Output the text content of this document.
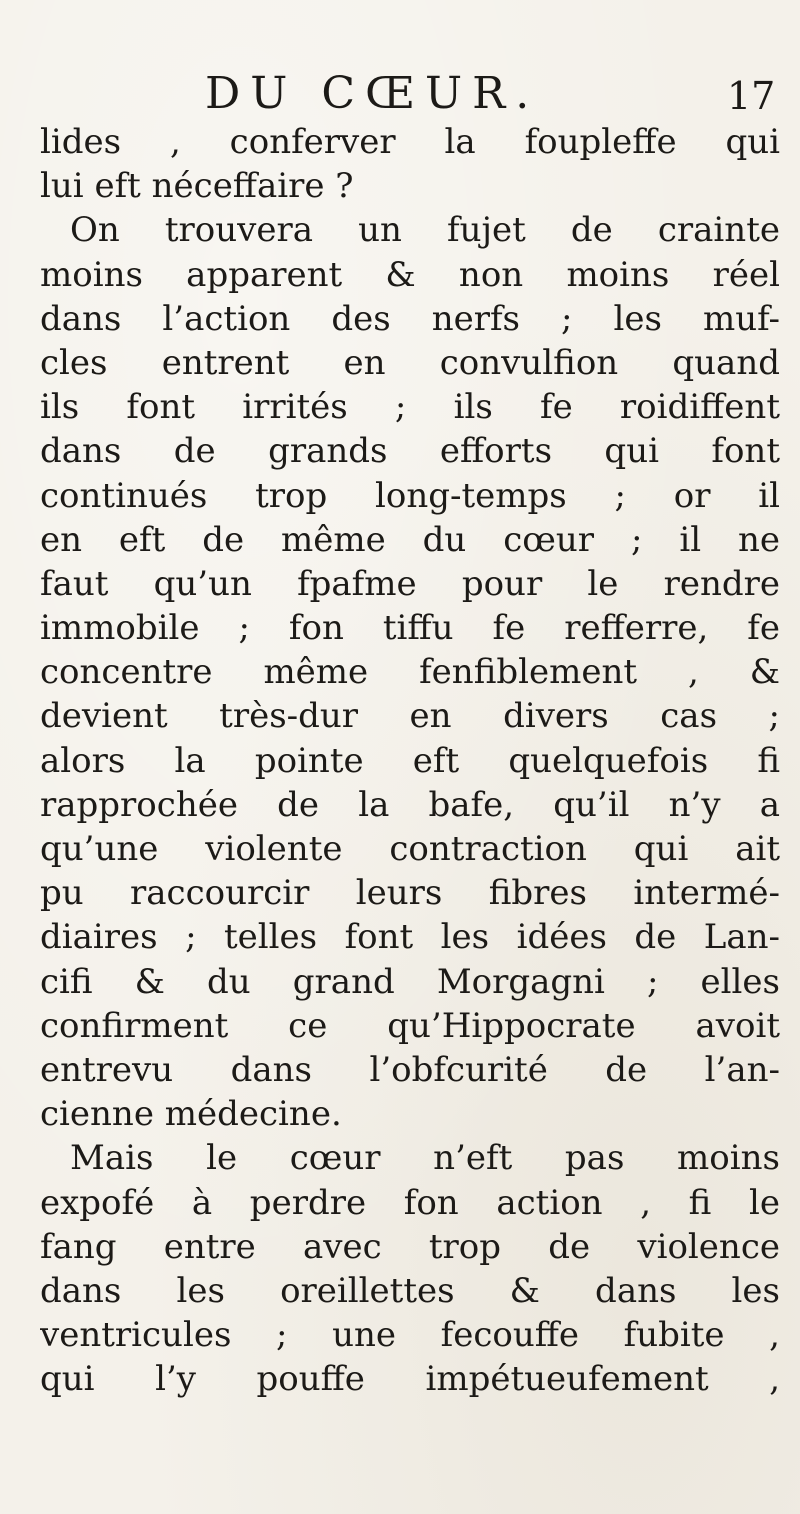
DU CŒUR.	17
lides , conferver la foupleffe qui
lui eft néceffaire ?
On trouvera un fujet de crainte
moins apparent & non moins réel
dans l’action des nerfs ; les muf-
cles entrent en convulfion quand
ils font irrités ; ils fe roidiffent
dans de grands efforts qui font
continués trop long-temps ; or il
en eft de même du cœur ; il ne
faut qu’un fpafme pour le rendre
immobile ; fon tiffu fe refferre, fe
concentre même fenfiblement , &
devient très-dur en divers cas ;
alors la pointe eft quelquefois fi
rapprochée de la bafe, qu’il n’y a
qu’une violente contraction qui ait
pu raccourcir leurs fibres intermé-
diaires ; telles font les idées de Lan-
cifi & du grand Morgagni ; elles
confirment ce qu’Hippocrate avoit
entrevu dans l’obfcurité de l’an-
cienne médecine.
Mais le cœur n’eft pas moins
expofé à perdre fon action , fi le
fang entre avec trop de violence
dans les oreillettes & dans les
ventricules ; une fecouffe fubite ,
qui l’y pouffe impétueufement ,
